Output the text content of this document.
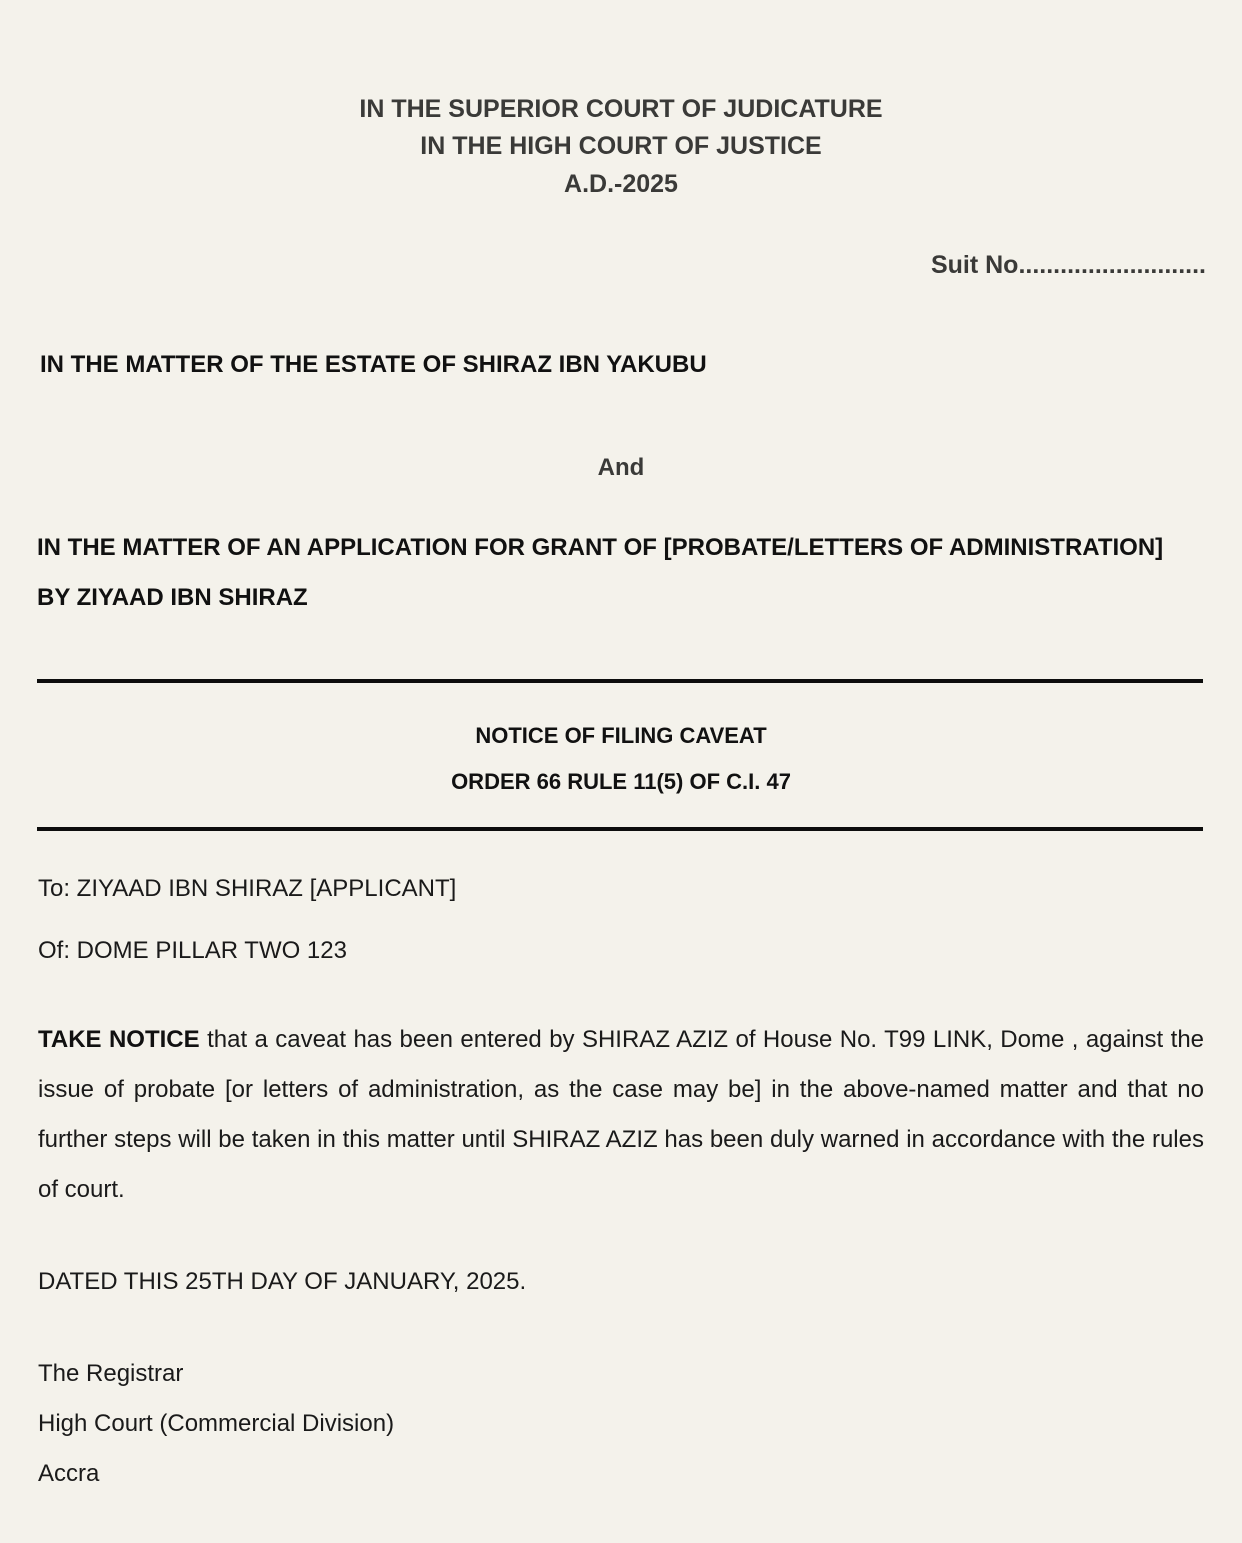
IN THE SUPERIOR COURT OF JUDICATURE

IN THE HIGH COURT OF JUSTICE

A.D.-2025

Suit No...........................

IN THE MATTER OF THE ESTATE OF SHIRAZ IBN YAKUBU

And

IN THE MATTER OF AN APPLICATION FOR GRANT OF [PROBATE/LETTERS OF ADMINISTRATION]

BY ZIYAAD IBN SHIRAZ

NOTICE OF FILING CAVEAT

ORDER 66 RULE 11(5) OF C.I. 47

To: ZIYAAD IBN SHIRAZ [APPLICANT]

Of: DOME PILLAR TWO 123

TAKE NOTICE that a caveat has been entered by SHIRAZ AZIZ of House No. T99 LINK, Dome , against the issue of probate [or letters of administration, as the case may be] in the above-named matter and that no further steps will be taken in this matter until SHIRAZ AZIZ has been duly warned in accordance with the rules of court.

DATED THIS 25TH DAY OF JANUARY, 2025.

The Registrar

High Court (Commercial Division)

Accra
